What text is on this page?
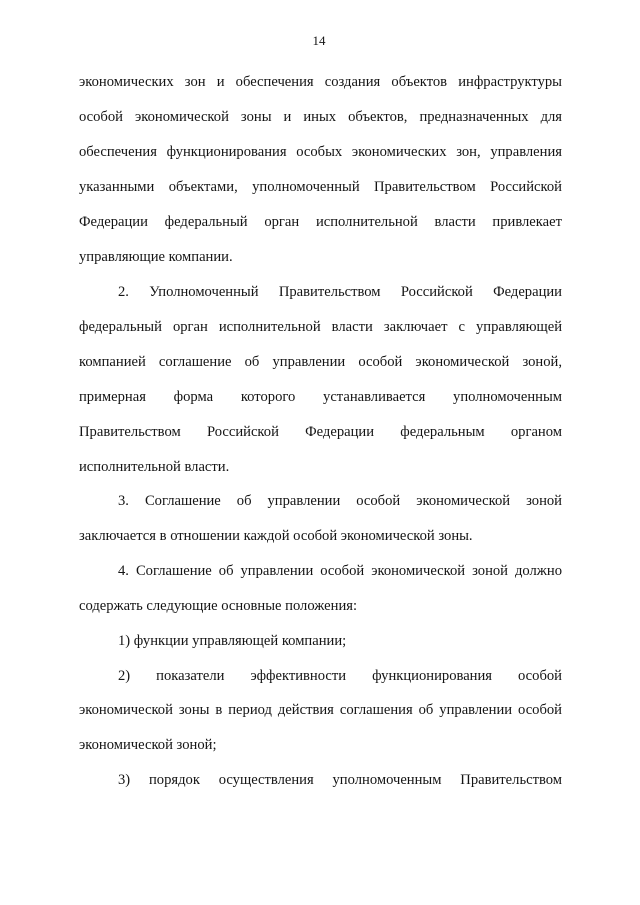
14
экономических зон и обеспечения создания объектов инфраструктуры
особой экономической зоны и иных объектов, предназначенных для
обеспечения функционирования особых экономических зон, управления
указанными объектами, уполномоченный Правительством Российской
Федерации федеральный орган исполнительной власти привлекает
управляющие компании.
2. Уполномоченный Правительством Российской Федерации
федеральный орган исполнительной власти заключает с управляющей
компанией соглашение об управлении особой экономической зоной,
примерная форма которого устанавливается уполномоченным
Правительством Российской Федерации федеральным органом
исполнительной власти.
3. Соглашение об управлении особой экономической зоной
заключается в отношении каждой особой экономической зоны.
4. Соглашение об управлении особой экономической зоной должно
содержать следующие основные положения:
1) функции управляющей компании;
2) показатели эффективности функционирования особой
экономической зоны в период действия соглашения об управлении особой
экономической зоной;
3) порядок осуществления уполномоченным Правительством
